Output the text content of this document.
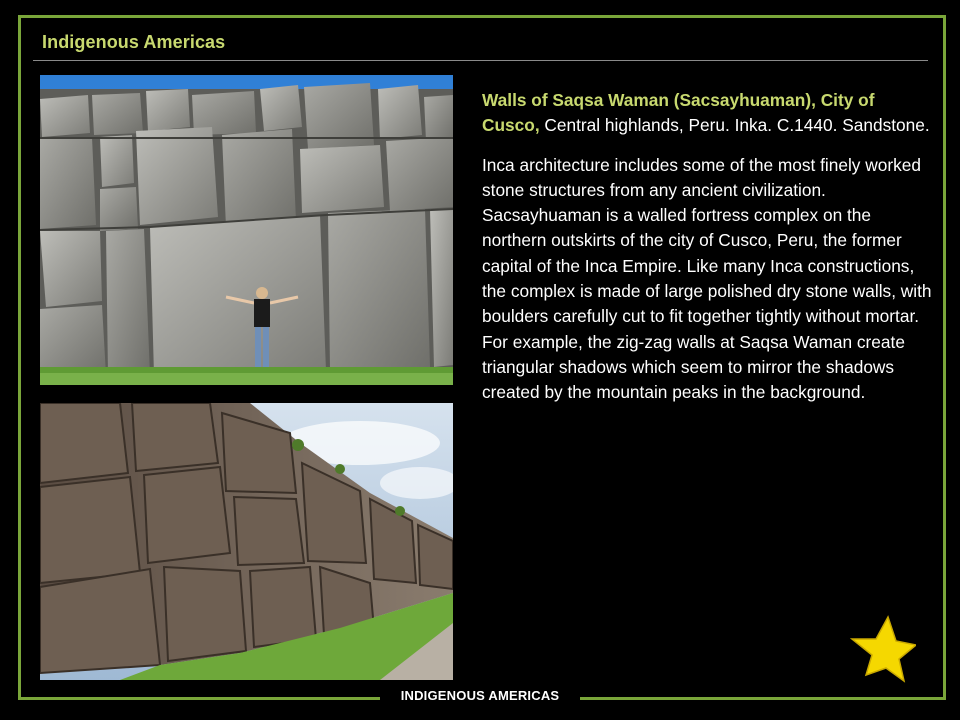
Indigenous Americas

Walls of Saqsa Waman (Sacsayhuaman), City of Cusco, Central highlands, Peru. Inka. C.1440. Sandstone.

Inca architecture includes some of the most finely worked stone structures from any ancient civilization. Sacsayhuaman is a walled fortress complex on the northern outskirts of the city of Cusco, Peru, the former capital of the Inca Empire. Like many Inca constructions, the complex is made of large polished dry stone walls, with boulders carefully cut to fit together tightly without mortar. For example, the zig-zag walls at Saqsa Waman create triangular shadows which seem to mirror the shadows created by the mountain peaks in the background.

INDIGENOUS AMERICAS
